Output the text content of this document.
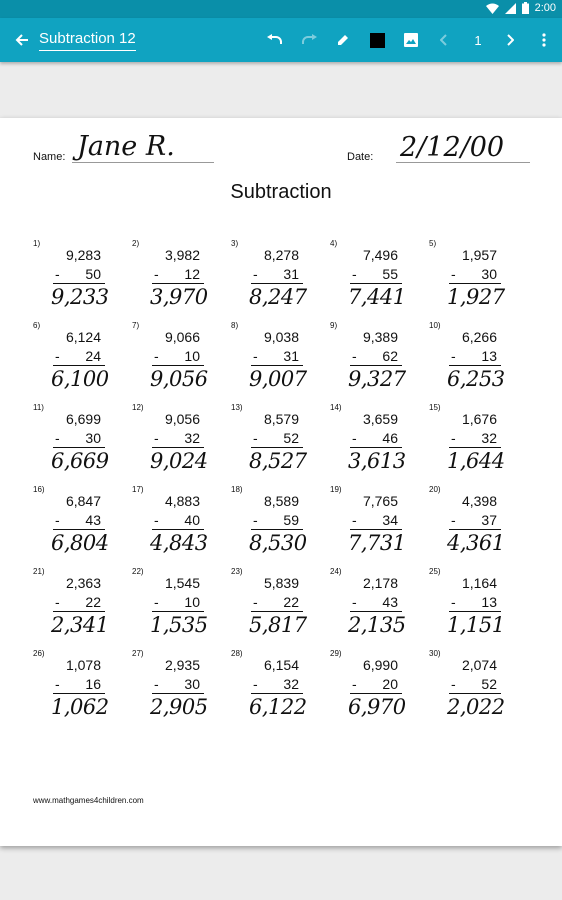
2:00
Subtraction 12	1
Name: Jane R.	Date: 2/12/00
Subtraction
1)
9,283
- 50
9,233
2)
3,982
- 12
3,970
3)
8,278
- 31
8,247
4)
7,496
- 55
7,441
5)
1,957
- 30
1,927
6)
6,124
- 24
6,100
7)
9,066
- 10
9,056
8)
9,038
- 31
9,007
9)
9,389
- 62
9,327
10)
6,266
- 13
6,253
11)
6,699
- 30
6,669
12)
9,056
- 32
9,024
13)
8,579
- 52
8,527
14)
3,659
- 46
3,613
15)
1,676
- 32
1,644
16)
6,847
- 43
6,804
17)
4,883
- 40
4,843
18)
8,589
- 59
8,530
19)
7,765
- 34
7,731
20)
4,398
- 37
4,361
21)
2,363
- 22
2,341
22)
1,545
- 10
1,535
23)
5,839
- 22
5,817
24)
2,178
- 43
2,135
25)
1,164
- 13
1,151
26)
1,078
- 16
1,062
27)
2,935
- 30
2,905
28)
6,154
- 32
6,122
29)
6,990
- 20
6,970
30)
2,074
- 52
2,022
www.mathgames4children.com
